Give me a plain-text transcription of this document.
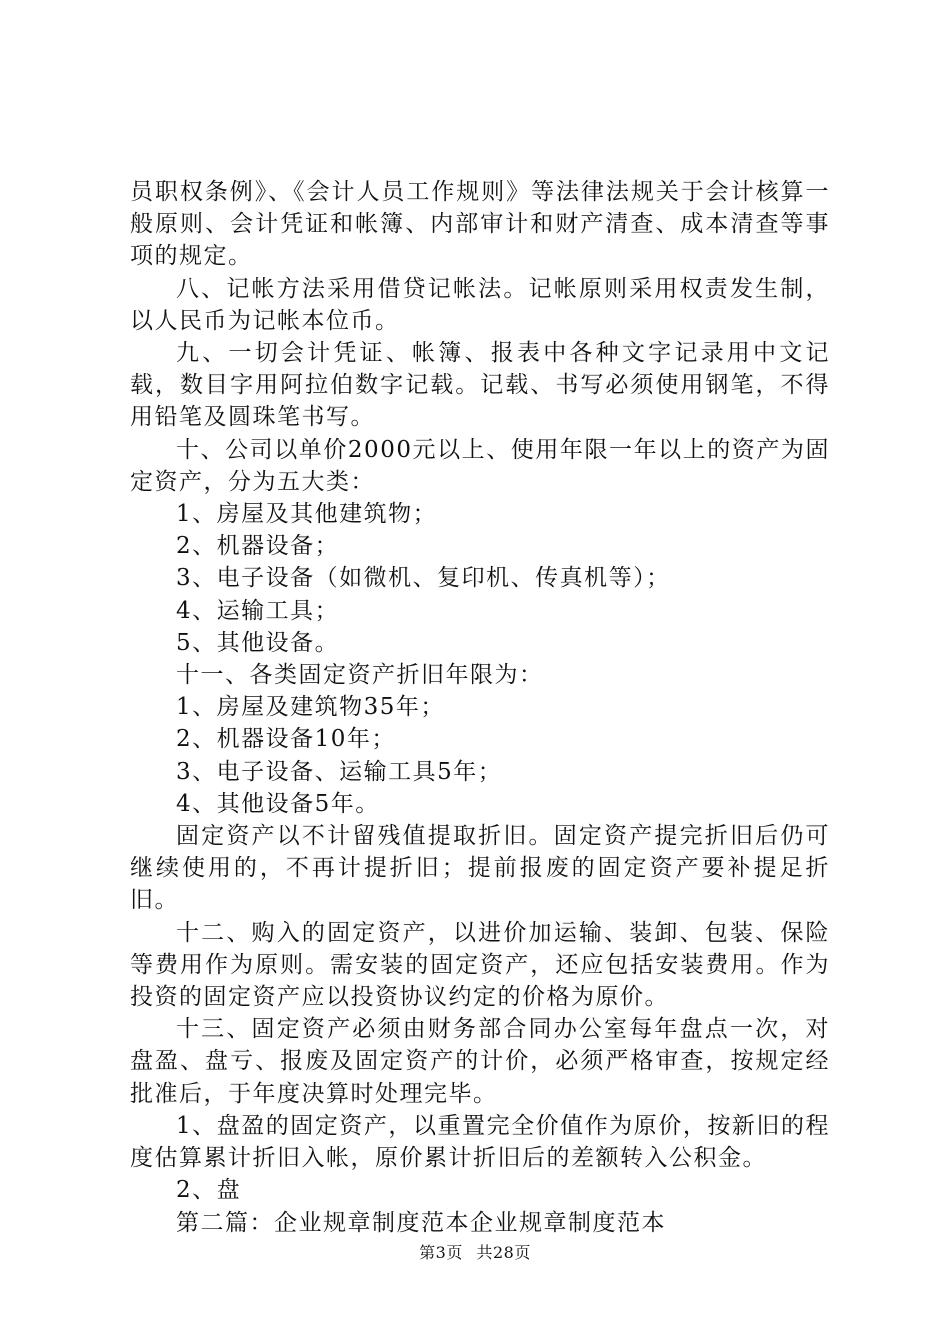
员职权条例》、《会计人员工作规则》等法律法规关于会计核算一般原则、会计凭证和帐簿、内部审计和财产清查、成本清查等事项的规定。

八、记帐方法采用借贷记帐法。记帐原则采用权责发生制，以人民币为记帐本位币。

九、一切会计凭证、帐簿、报表中各种文字记录用中文记载，数目字用阿拉伯数字记载。记载、书写必须使用钢笔，不得用铅笔及圆珠笔书写。

十、公司以单价2000元以上、使用年限一年以上的资产为固定资产，分为五大类：

1、房屋及其他建筑物；

2、机器设备；

3、电子设备（如微机、复印机、传真机等）；

4、运输工具；

5、其他设备。

十一、各类固定资产折旧年限为：

1、房屋及建筑物35年；

2、机器设备10年；

3、电子设备、运输工具5年；

4、其他设备5年。

固定资产以不计留残值提取折旧。固定资产提完折旧后仍可继续使用的，不再计提折旧；提前报废的固定资产要补提足折旧。

十二、购入的固定资产，以进价加运输、装卸、包装、保险等费用作为原则。需安装的固定资产，还应包括安装费用。作为投资的固定资产应以投资协议约定的价格为原价。

十三、固定资产必须由财务部合同办公室每年盘点一次，对盘盈、盘亏、报废及固定资产的计价，必须严格审查，按规定经批准后，于年度决算时处理完毕。

1、盘盈的固定资产，以重置完全价值作为原价，按新旧的程度估算累计折旧入帐，原价累计折旧后的差额转入公积金。

2、盘

第二篇：企业规章制度范本企业规章制度范本

第3页 共28页
